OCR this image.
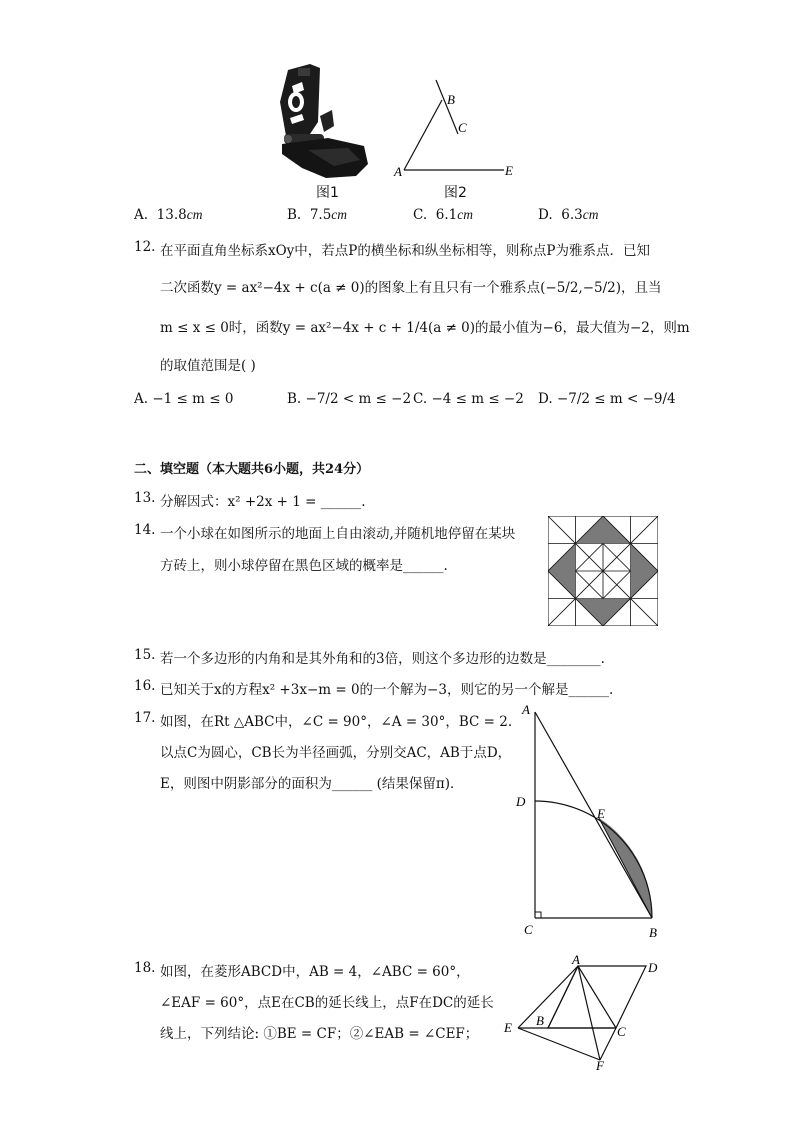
图1
A
B
C
E
图2
A. 13.8cm	B. 7.5cm	C. 6.1cm	D. 6.3cm
12. 在平面直角坐标系xOy中，若点P的横坐标和纵坐标相等，则称点P为雅系点．已知
二次函数y = ax²−4x + c(a ≠ 0)的图象上有且只有一个雅系点(−5/2,−5/2)，且当
m ≤ x ≤ 0时，函数y = ax²−4x + c + 1/4(a ≠ 0)的最小值为−6，最大值为−2，则m
的取值范围是( )
A. −1 ≤ m ≤ 0	B. −7/2 < m ≤ −2 C. −4 ≤ m ≤ −2 D. −7/2 ≤ m < −9/4
二、填空题（本大题共6小题，共24分）
13. 分解因式：x² +2x + 1 = ______.
14. 一个小球在如图所示的地面上自由滚动,并随机地停留在某块
方砖上，则小球停留在黑色区域的概率是______.
15. 若一个多边形的内角和是其外角和的3倍，则这个多边形的边数是________.
16. 已知关于x的方程x² +3x−m = 0的一个解为−3，则它的另一个解是______.
17. 如图，在Rt △ABC中，∠C = 90°，∠A = 30°，BC = 2.
以点C为圆心，CB长为半径画弧，分别交AC，AB于点D，
E，则图中阴影部分的面积为______ (结果保留π)．
A
D
E
C	B
18. 如图，在菱形ABCD中，AB = 4，∠ABC = 60°，
∠EAF = 60°，点E在CB的延长线上，点F在DC的延长
线上，下列结论: ①BE = CF；②∠EAB = ∠CEF；
A
D
B
C
E
F
